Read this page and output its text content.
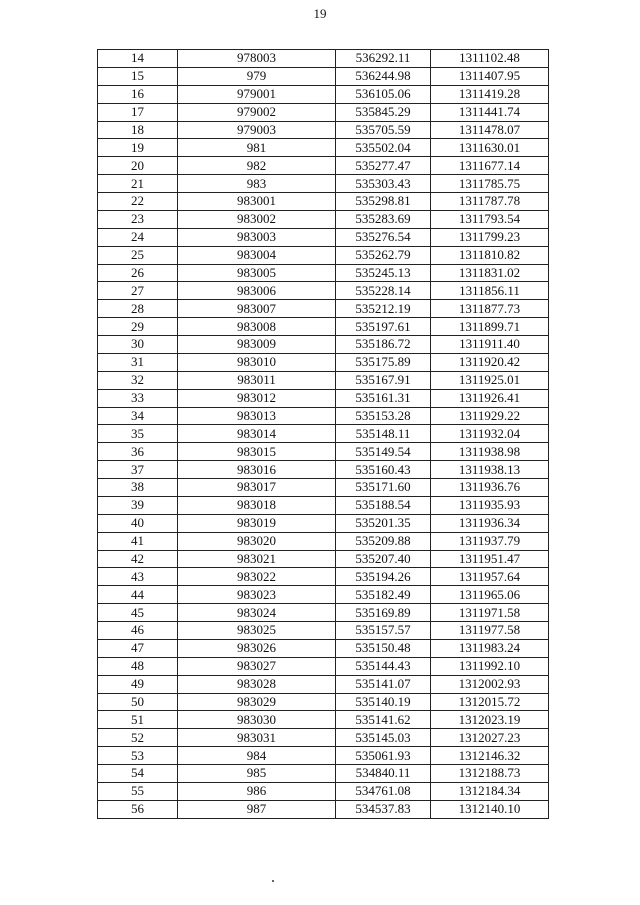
19
14	978003	536292.11	1311102.48
15	979	536244.98	1311407.95
16	979001	536105.06	1311419.28
17	979002	535845.29	1311441.74
18	979003	535705.59	1311478.07
19	981	535502.04	1311630.01
20	982	535277.47	1311677.14
21	983	535303.43	1311785.75
22	983001	535298.81	1311787.78
23	983002	535283.69	1311793.54
24	983003	535276.54	1311799.23
25	983004	535262.79	1311810.82
26	983005	535245.13	1311831.02
27	983006	535228.14	1311856.11
28	983007	535212.19	1311877.73
29	983008	535197.61	1311899.71
30	983009	535186.72	1311911.40
31	983010	535175.89	1311920.42
32	983011	535167.91	1311925.01
33	983012	535161.31	1311926.41
34	983013	535153.28	1311929.22
35	983014	535148.11	1311932.04
36	983015	535149.54	1311938.98
37	983016	535160.43	1311938.13
38	983017	535171.60	1311936.76
39	983018	535188.54	1311935.93
40	983019	535201.35	1311936.34
41	983020	535209.88	1311937.79
42	983021	535207.40	1311951.47
43	983022	535194.26	1311957.64
44	983023	535182.49	1311965.06
45	983024	535169.89	1311971.58
46	983025	535157.57	1311977.58
47	983026	535150.48	1311983.24
48	983027	535144.43	1311992.10
49	983028	535141.07	1312002.93
50	983029	535140.19	1312015.72
51	983030	535141.62	1312023.19
52	983031	535145.03	1312027.23
53	984	535061.93	1312146.32
54	985	534840.11	1312188.73
55	986	534761.08	1312184.34
56	987	534537.83	1312140.10
